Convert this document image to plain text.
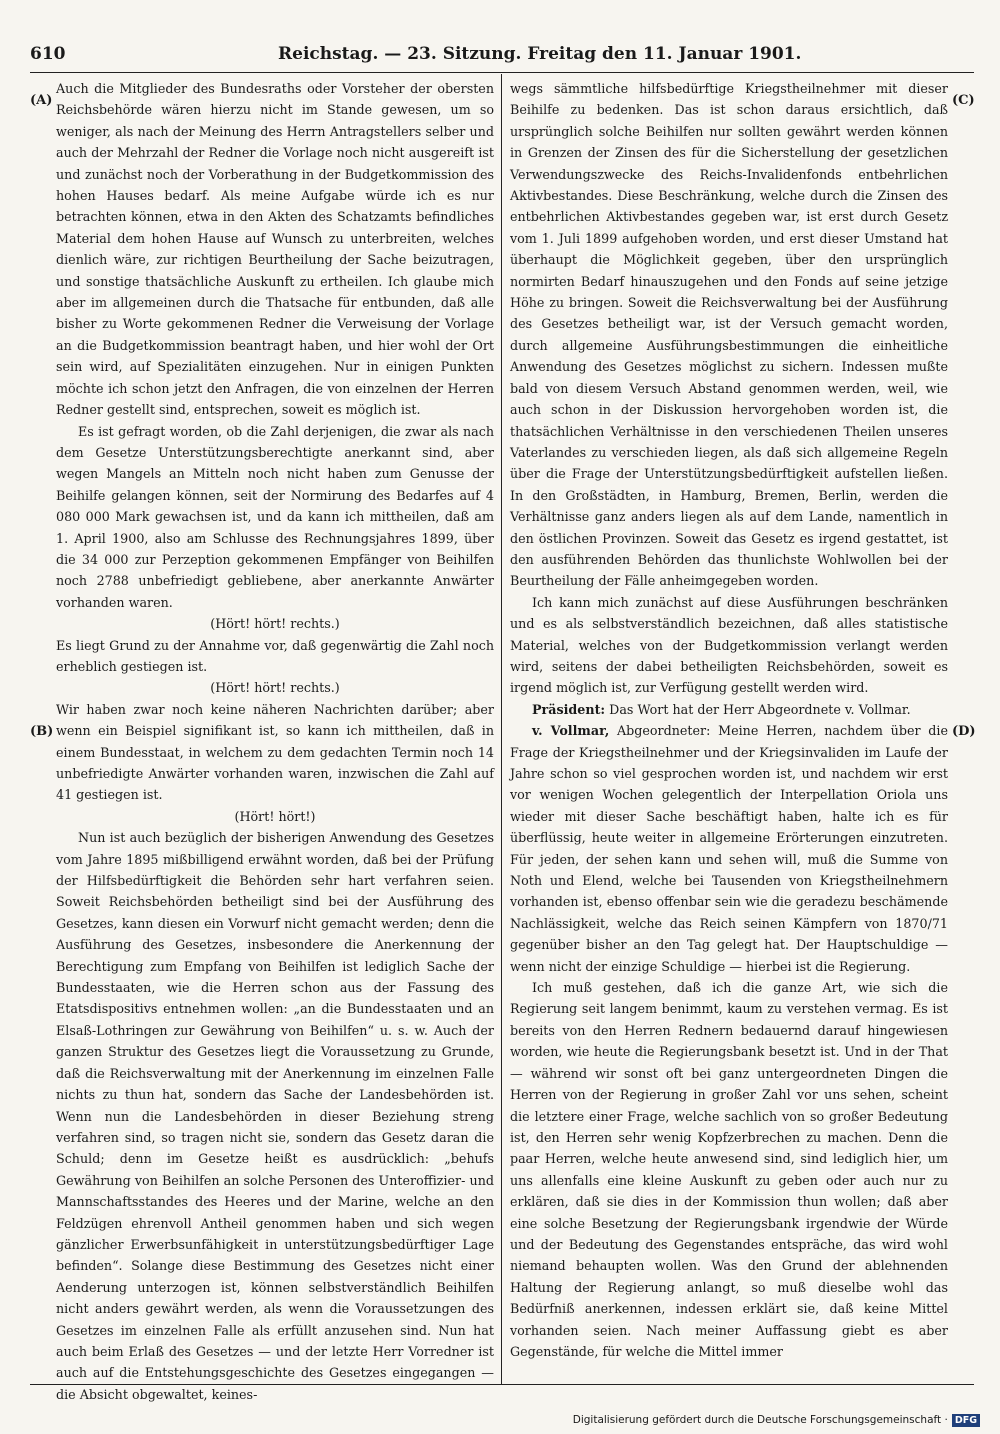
610	Reichstag. — 23. Sitzung. Freitag den 11. Januar 1901.
(A)
(B)
(C)
(D)

Auch die Mitglieder des Bundesraths oder Vorsteher der obersten Reichsbehörde wären hierzu nicht im Stande gewesen, um so weniger, als nach der Meinung des Herrn Antragstellers selber und auch der Mehrzahl der Redner die Vorlage noch nicht ausgereift ist und zunächst noch der Vorberathung in der Budgetkommission des hohen Hauses bedarf. Als meine Aufgabe würde ich es nur betrachten können, etwa in den Akten des Schatzamts befindliches Material dem hohen Hause auf Wunsch zu unterbreiten, welches dienlich wäre, zur richtigen Beurtheilung der Sache beizutragen, und sonstige thatsächliche Auskunft zu ertheilen. Ich glaube mich aber im allgemeinen durch die Thatsache für entbunden, daß alle bisher zu Worte gekommenen Redner die Verweisung der Vorlage an die Budgetkommission beantragt haben, und hier wohl der Ort sein wird, auf Spezialitäten einzugehen. Nur in einigen Punkten möchte ich schon jetzt den Anfragen, die von einzelnen der Herren Redner gestellt sind, entsprechen, soweit es möglich ist.

Es ist gefragt worden, ob die Zahl derjenigen, die zwar als nach dem Gesetze Unterstützungsberechtigte anerkannt sind, aber wegen Mangels an Mitteln noch nicht haben zum Genusse der Beihilfe gelangen können, seit der Normirung des Bedarfes auf 4 080 000 Mark gewachsen ist, und da kann ich mittheilen, daß am 1. April 1900, also am Schlusse des Rechnungsjahres 1899, über die 34 000 zur Perzeption gekommenen Empfänger von Beihilfen noch 2788 unbefriedigt gebliebene, aber anerkannte Anwärter vorhanden waren.

(Hört! hört! rechts.)

Es liegt Grund zu der Annahme vor, daß gegenwärtig die Zahl noch erheblich gestiegen ist.

(Hört! hört! rechts.)

Wir haben zwar noch keine näheren Nachrichten darüber; aber wenn ein Beispiel signifikant ist, so kann ich mittheilen, daß in einem Bundesstaat, in welchem zu dem gedachten Termin noch 14 unbefriedigte Anwärter vorhanden waren, inzwischen die Zahl auf 41 gestiegen ist.

(Hört! hört!)

Nun ist auch bezüglich der bisherigen Anwendung des Gesetzes vom Jahre 1895 mißbilligend erwähnt worden, daß bei der Prüfung der Hilfsbedürftigkeit die Behörden sehr hart verfahren seien. Soweit Reichsbehörden betheiligt sind bei der Ausführung des Gesetzes, kann diesen ein Vorwurf nicht gemacht werden; denn die Ausführung des Gesetzes, insbesondere die Anerkennung der Berechtigung zum Empfang von Beihilfen ist lediglich Sache der Bundesstaaten, wie die Herren schon aus der Fassung des Etatsdispositivs entnehmen wollen: „an die Bundesstaaten und an Elsaß-Lothringen zur Gewährung von Beihilfen“ u. s. w. Auch der ganzen Struktur des Gesetzes liegt die Voraussetzung zu Grunde, daß die Reichsverwaltung mit der Anerkennung im einzelnen Falle nichts zu thun hat, sondern das Sache der Landesbehörden ist. Wenn nun die Landesbehörden in dieser Beziehung streng verfahren sind, so tragen nicht sie, sondern das Gesetz daran die Schuld; denn im Gesetze heißt es ausdrücklich: „behufs Gewährung von Beihilfen an solche Personen des Unteroffizier- und Mannschaftsstandes des Heeres und der Marine, welche an den Feldzügen ehrenvoll Antheil genommen haben und sich wegen gänzlicher Erwerbsunfähigkeit in unterstützungsbedürftiger Lage befinden“. Solange diese Bestimmung des Gesetzes nicht einer Aenderung unterzogen ist, können selbstverständlich Beihilfen nicht anders gewährt werden, als wenn die Voraussetzungen des Gesetzes im einzelnen Falle als erfüllt anzusehen sind. Nun hat auch beim Erlaß des Gesetzes — und der letzte Herr Vorredner ist auch auf die Entstehungsgeschichte des Gesetzes eingegangen — die Absicht obgewaltet, keines-

wegs sämmtliche hilfsbedürftige Kriegstheilnehmer mit dieser Beihilfe zu bedenken. Das ist schon daraus ersichtlich, daß ursprünglich solche Beihilfen nur sollten gewährt werden können in Grenzen der Zinsen des für die Sicherstellung der gesetzlichen Verwendungszwecke des Reichs-Invalidenfonds entbehrlichen Aktivbestandes. Diese Beschränkung, welche durch die Zinsen des entbehrlichen Aktivbestandes gegeben war, ist erst durch Gesetz vom 1. Juli 1899 aufgehoben worden, und erst dieser Umstand hat überhaupt die Möglichkeit gegeben, über den ursprünglich normirten Bedarf hinauszugehen und den Fonds auf seine jetzige Höhe zu bringen. Soweit die Reichsverwaltung bei der Ausführung des Gesetzes betheiligt war, ist der Versuch gemacht worden, durch allgemeine Ausführungsbestimmungen die einheitliche Anwendung des Gesetzes möglichst zu sichern. Indessen mußte bald von diesem Versuch Abstand genommen werden, weil, wie auch schon in der Diskussion hervorgehoben worden ist, die thatsächlichen Verhältnisse in den verschiedenen Theilen unseres Vaterlandes zu verschieden liegen, als daß sich allgemeine Regeln über die Frage der Unterstützungsbedürftigkeit aufstellen ließen. In den Großstädten, in Hamburg, Bremen, Berlin, werden die Verhältnisse ganz anders liegen als auf dem Lande, namentlich in den östlichen Provinzen. Soweit das Gesetz es irgend gestattet, ist den ausführenden Behörden das thunlichste Wohlwollen bei der Beurtheilung der Fälle anheimgegeben worden.

Ich kann mich zunächst auf diese Ausführungen beschränken und es als selbstverständlich bezeichnen, daß alles statistische Material, welches von der Budgetkommission verlangt werden wird, seitens der dabei betheiligten Reichsbehörden, soweit es irgend möglich ist, zur Verfügung gestellt werden wird.

Präsident: Das Wort hat der Herr Abgeordnete v. Vollmar.

v. Vollmar, Abgeordneter: Meine Herren, nachdem über die Frage der Kriegstheilnehmer und der Kriegsinvaliden im Laufe der Jahre schon so viel gesprochen worden ist, und nachdem wir erst vor wenigen Wochen gelegentlich der Interpellation Oriola uns wieder mit dieser Sache beschäftigt haben, halte ich es für überflüssig, heute weiter in allgemeine Erörterungen einzutreten. Für jeden, der sehen kann und sehen will, muß die Summe von Noth und Elend, welche bei Tausenden von Kriegstheilnehmern vorhanden ist, ebenso offenbar sein wie die geradezu beschämende Nachlässigkeit, welche das Reich seinen Kämpfern von 1870/71 gegenüber bisher an den Tag gelegt hat. Der Hauptschuldige — wenn nicht der einzige Schuldige — hierbei ist die Regierung.

Ich muß gestehen, daß ich die ganze Art, wie sich die Regierung seit langem benimmt, kaum zu verstehen vermag. Es ist bereits von den Herren Rednern bedauernd darauf hingewiesen worden, wie heute die Regierungsbank besetzt ist. Und in der That — während wir sonst oft bei ganz untergeordneten Dingen die Herren von der Regierung in großer Zahl vor uns sehen, scheint die letztere einer Frage, welche sachlich von so großer Bedeutung ist, den Herren sehr wenig Kopfzerbrechen zu machen. Denn die paar Herren, welche heute anwesend sind, sind lediglich hier, um uns allenfalls eine kleine Auskunft zu geben oder auch nur zu erklären, daß sie dies in der Kommission thun wollen; daß aber eine solche Besetzung der Regierungsbank irgendwie der Würde und der Bedeutung des Gegenstandes entspräche, das wird wohl niemand behaupten wollen. Was den Grund der ablehnenden Haltung der Regierung anlangt, so muß dieselbe wohl das Bedürfniß anerkennen, indessen erklärt sie, daß keine Mittel vorhanden seien. Nach meiner Auffassung giebt es aber Gegenstände, für welche die Mittel immer

Digitalisierung gefördert durch die Deutsche Forschungsgemeinschaft · DFG
